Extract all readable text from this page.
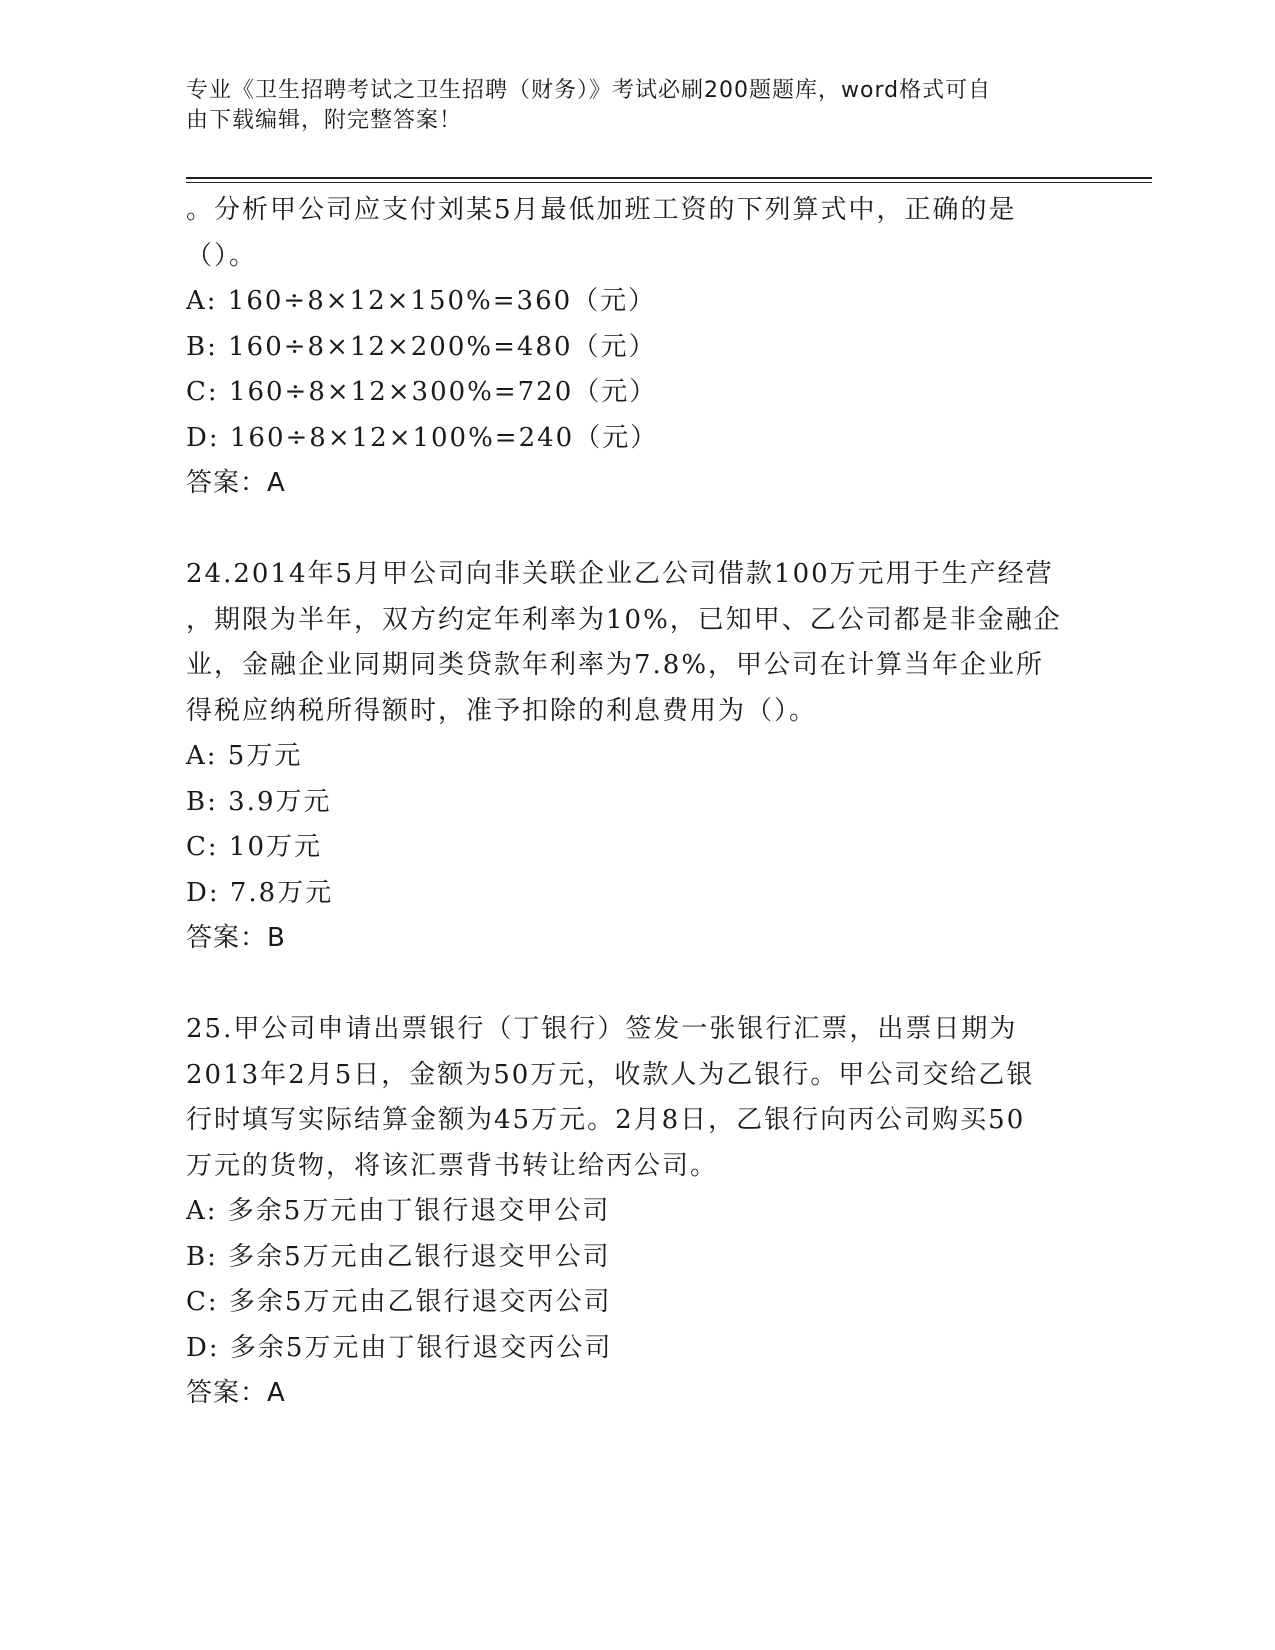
专业《卫生招聘考试之卫生招聘（财务）》考试必刷200题题库，word格式可自
由下载编辑，附完整答案！
。分析甲公司应支付刘某5月最低加班工资的下列算式中，正确的是
（）。
A: 160÷8×12×150%=360（元）
B: 160÷8×12×200%=480（元）
C: 160÷8×12×300%=720（元）
D: 160÷8×12×100%=240（元）
答案：A
24.2014年5月甲公司向非关联企业乙公司借款100万元用于生产经营
，期限为半年，双方约定年利率为10%，已知甲、乙公司都是非金融企
业，金融企业同期同类贷款年利率为7.8%，甲公司在计算当年企业所
得税应纳税所得额时，准予扣除的利息费用为（）。
A: 5万元
B: 3.9万元
C: 10万元
D: 7.8万元
答案：B
25.甲公司申请出票银行（丁银行）签发一张银行汇票，出票日期为
2013年2月5日，金额为50万元，收款人为乙银行。甲公司交给乙银
行时填写实际结算金额为45万元。2月8日，乙银行向丙公司购买50
万元的货物，将该汇票背书转让给丙公司。
A: 多余5万元由丁银行退交甲公司
B: 多余5万元由乙银行退交甲公司
C: 多余5万元由乙银行退交丙公司
D: 多余5万元由丁银行退交丙公司
答案：A
